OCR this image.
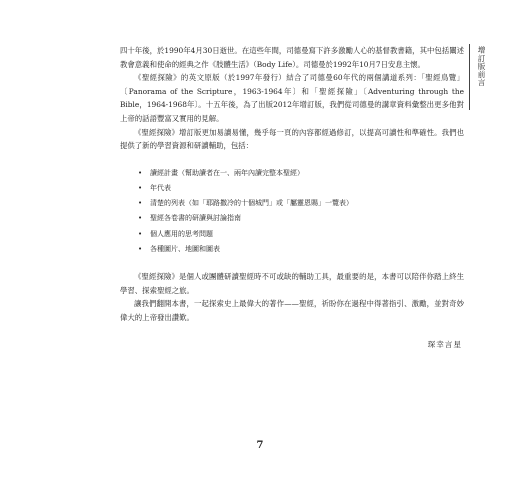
增訂版前言

四十年後，於1990年4月30日逝世。在這些年間，司德曼寫下許多激勵人心的基督教書籍，其中包括闡述教會意義和使命的經典之作《肢體生活》（Body Life）。司德曼於1992年10月7日安息主懷。

《聖經探險》的英文原版（於1997年發行）結合了司德曼60年代的兩個講道系列：「聖經鳥覽」〔Panorama of the Scripture，1963-1964年〕和「聖經探險」〔Adventuring through the Bible，1964-1968年〕。十五年後，為了出版2012年增訂版，我們從司德曼的講章資料彙整出更多他對上帝的話語豐富又實用的見解。

《聖經探險》增訂版更加易讀易懂，幾乎每一頁的內容都經過修訂，以提高可讀性和準確性。我們也提供了新的學習資源和研讀輔助，包括：

• 讀經計畫（幫助讀者在一、兩年內讀完整本聖經）
• 年代表
• 清楚的列表（如「耶路撒冷的十個城門」或「屬靈恩賜」一覽表）
• 聖經各卷書的研讀與討論指南
• 個人應用的思考問題
• 各種圖片、地圖和圖表

《聖經探險》是個人或團體研讀聖經時不可或缺的輔助工具，最重要的是，本書可以陪伴你踏上終生學習、探索聖經之旅。

讓我們翻開本書，一起探索史上最偉大的著作——聖經，祈盼你在過程中得著指引、激勵，並對奇妙偉大的上帝發出讚歎。

琛幸言星
7
